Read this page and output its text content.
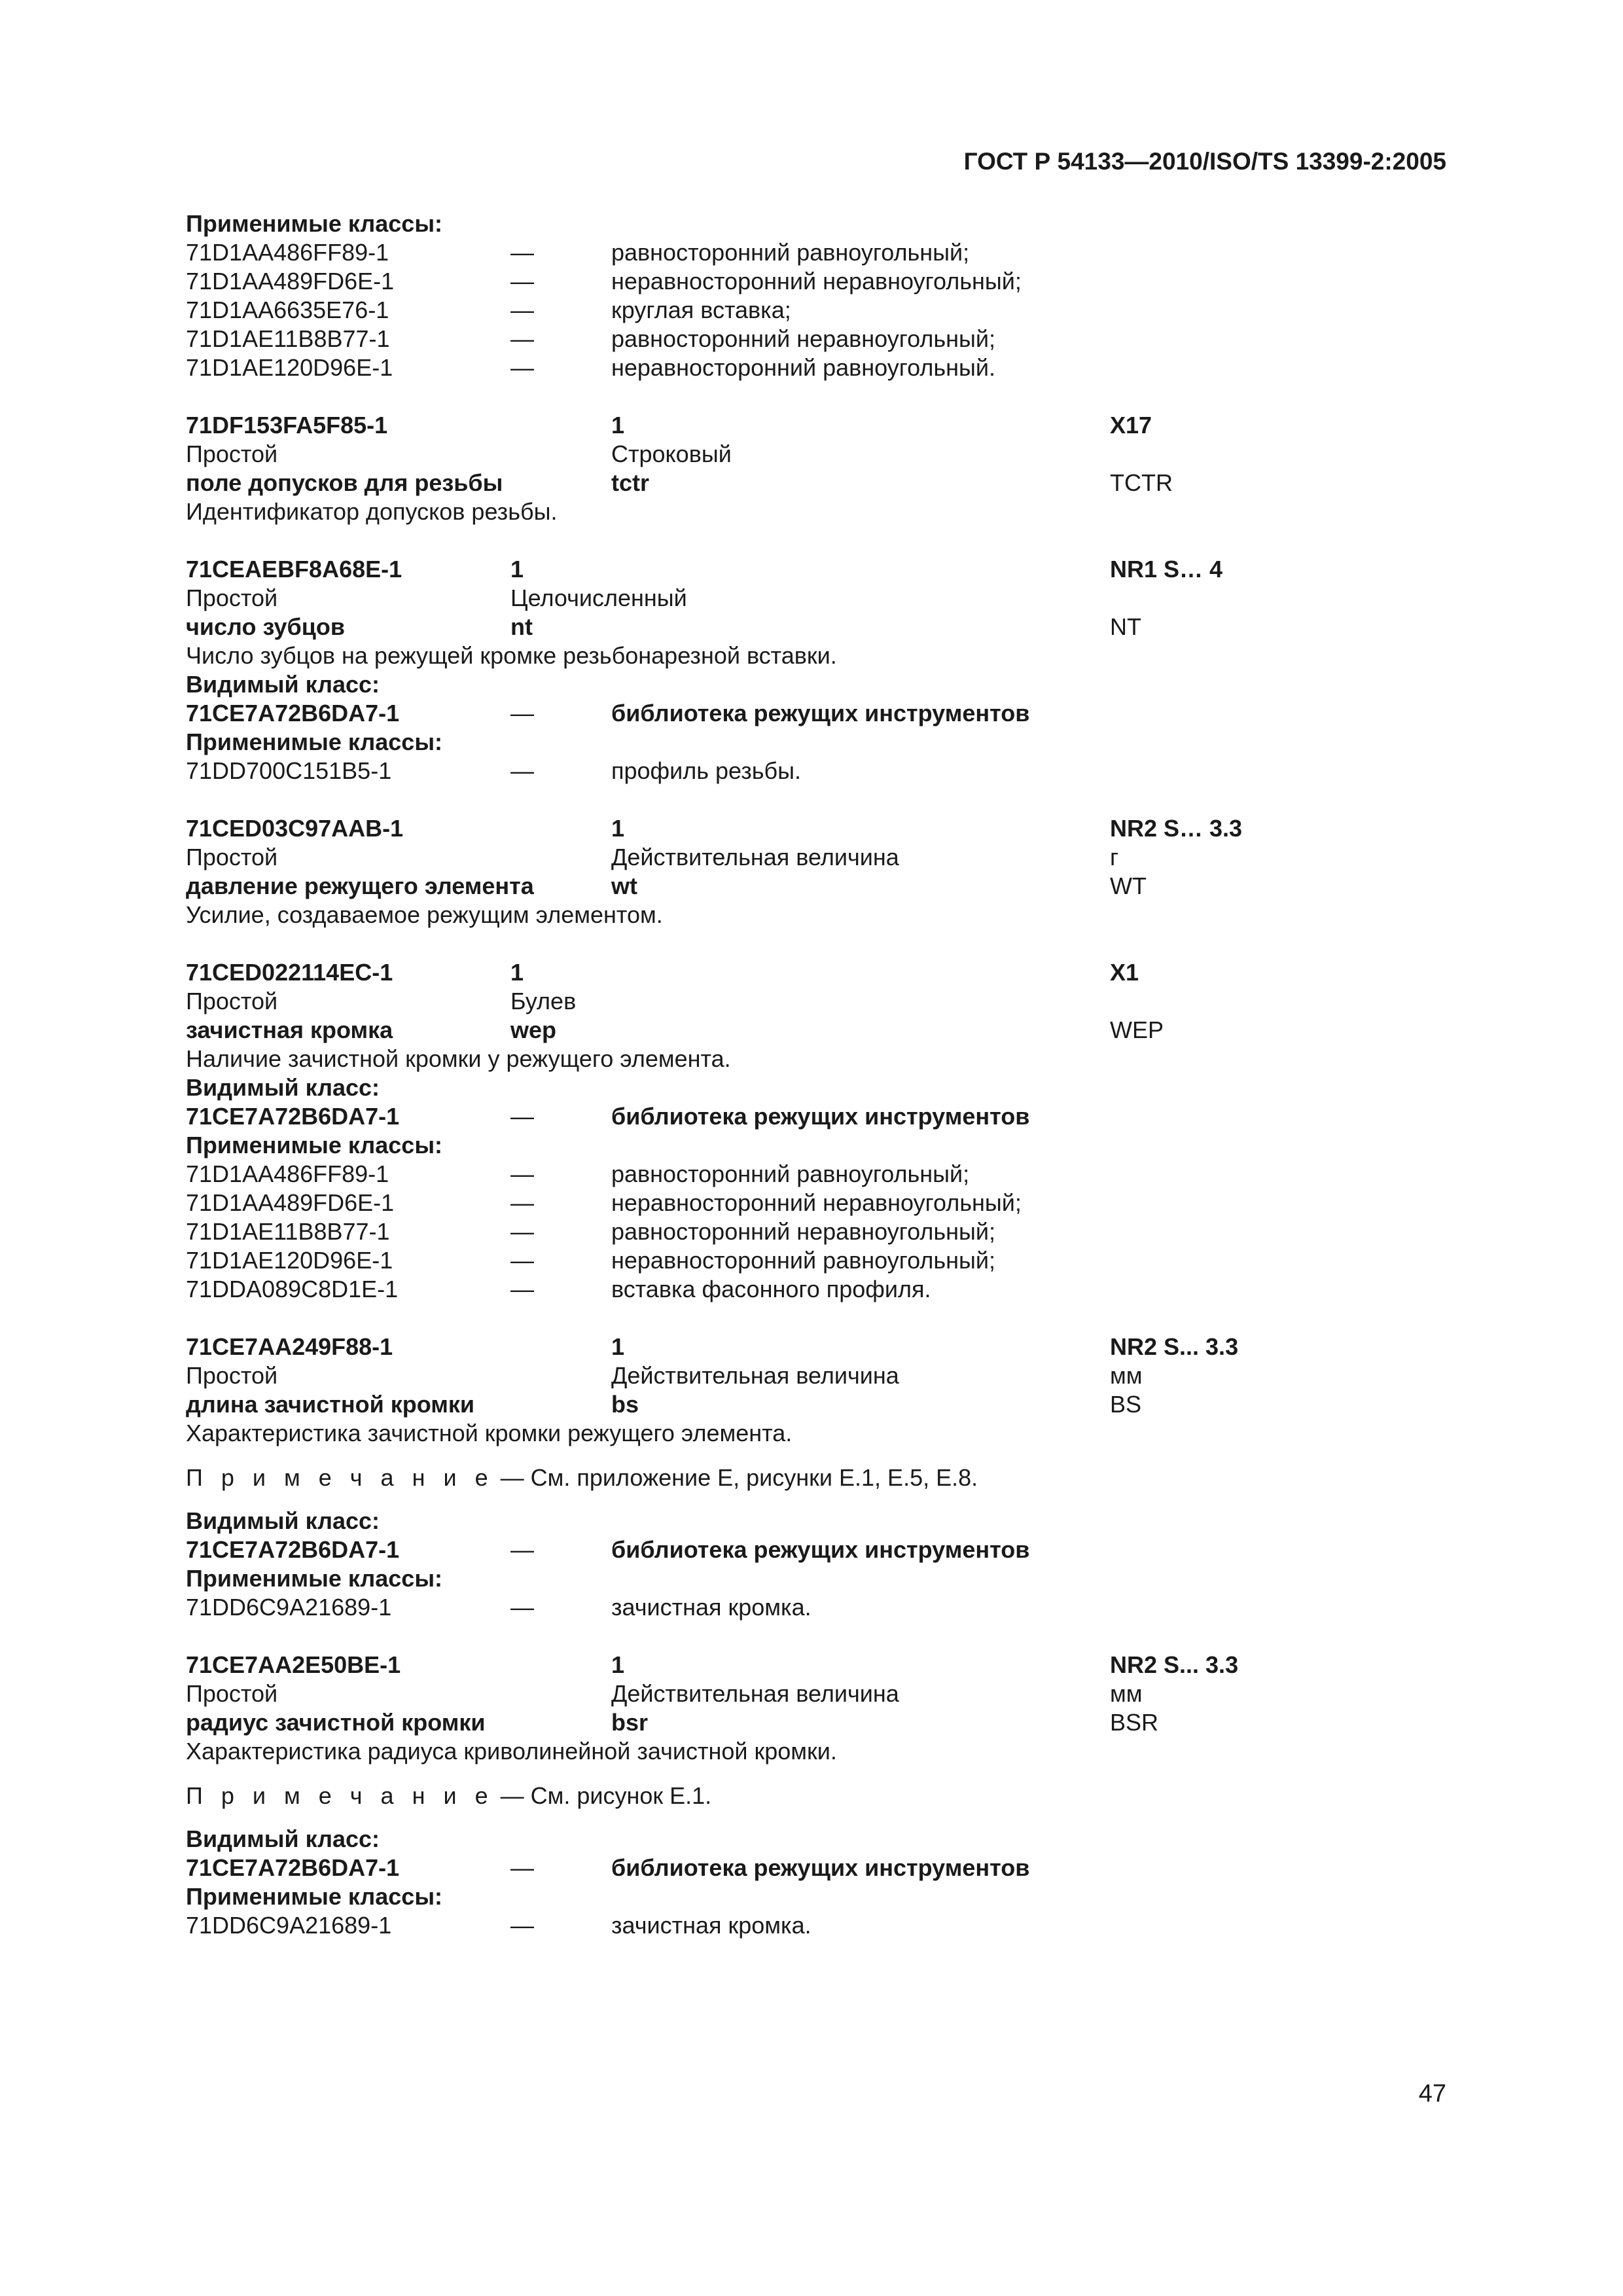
ГОСТ Р 54133—2010/ISO/TS 13399-2:2005
Применимые классы:
71D1AA486FF89-1	—	равносторонний равноугольный;
71D1AA489FD6E-1	—	неравносторонний неравноугольный;
71D1AA6635E76-1	—	круглая вставка;
71D1AE11B8B77-1	—	равносторонний неравноугольный;
71D1AE120D96E-1	—	неравносторонний равноугольный.
71DF153FA5F85-1	1	X17
Простой	Строковый
поле допусков для резьбы	tctr	TCTR
Идентификатор допусков резьбы.
71CEAEBF8A68E-1	1	NR1 S… 4
Простой	Целочисленный
число зубцов	nt	NT
Число зубцов на режущей кромке резьбонарезной вставки.
Видимый класс:
71CE7A72B6DA7-1	—	библиотека режущих инструментов
Применимые классы:
71DD700C151B5-1	—	профиль резьбы.
71CED03C97AAB-1	1	NR2 S… 3.3
Простой	Действительная величина	г
давление режущего элемента	wt	WT
Усилие, создаваемое режущим элементом.
71CED022114EC-1	1	X1
Простой	Булев
зачистная кромка	wep	WEP
Наличие зачистной кромки у режущего элемента.
Видимый класс:
71CE7A72B6DA7-1	—	библиотека режущих инструментов
Применимые классы:
71D1AA486FF89-1	—	равносторонний равноугольный;
71D1AA489FD6E-1	—	неравносторонний неравноугольный;
71D1AE11B8B77-1	—	равносторонний неравноугольный;
71D1AE120D96E-1	—	неравносторонний равноугольный;
71DDA089C8D1E-1	—	вставка фасонного профиля.
71CE7AA249F88-1	1	NR2 S... 3.3
Простой	Действительная величина	мм
длина зачистной кромки	bs	BS
Характеристика зачистной кромки режущего элемента.
П р и м е ч а н и е — См. приложение Е, рисунки Е.1, Е.5, Е.8.
Видимый класс:
71CE7A72B6DA7-1	—	библиотека режущих инструментов
Применимые классы:
71DD6C9A21689-1	—	зачистная кромка.
71CE7AA2E50BE-1	1	NR2 S... 3.3
Простой	Действительная величина	мм
радиус зачистной кромки	bsr	BSR
Характеристика радиуса криволинейной зачистной кромки.
П р и м е ч а н и е — См. рисунок Е.1.
Видимый класс:
71CE7A72B6DA7-1	—	библиотека режущих инструментов
Применимые классы:
71DD6C9A21689-1	—	зачистная кромка.
47
